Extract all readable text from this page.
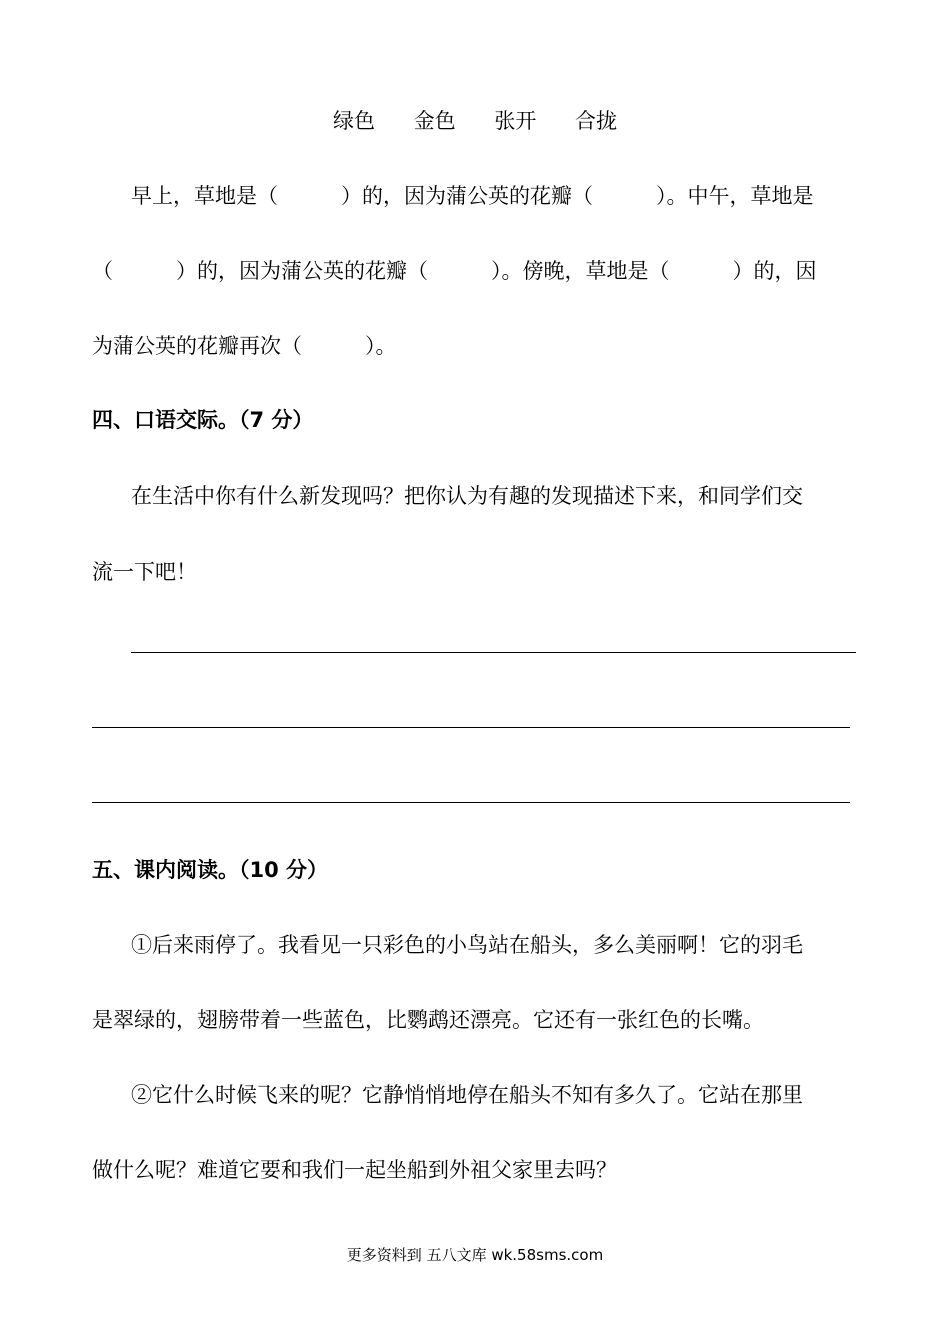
绿色 金色 张开 合拢
早上，草地是（　　　）的，因为蒲公英的花瓣（　　　）。中午，草地是
（　　　）的，因为蒲公英的花瓣（　　　）。傍晚，草地是（　　　）的，因
为蒲公英的花瓣再次（　　　）。
四、口语交际。（7 分）
在生活中你有什么新发现吗？把你认为有趣的发现描述下来，和同学们交
流一下吧！
五、课内阅读。（10 分）
①后来雨停了。我看见一只彩色的小鸟站在船头，多么美丽啊！它的羽毛
是翠绿的，翅膀带着一些蓝色，比鹦鹉还漂亮。它还有一张红色的长嘴。
②它什么时候飞来的呢？它静悄悄地停在船头不知有多久了。它站在那里
做什么呢？难道它要和我们一起坐船到外祖父家里去吗？
更多资料到 五八文库 wk.58sms.com
